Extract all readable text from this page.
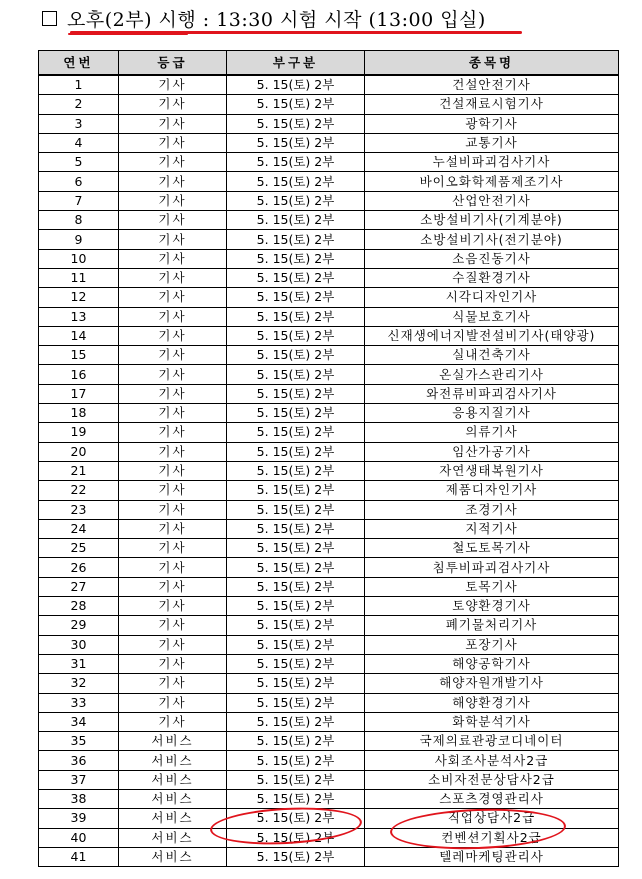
오후(2부) 시행 : 13:30 시험 시작 (13:00 입실)
연번	등급	부구분	종목명
1	기사	5. 15(토) 2부	건설안전기사
2	기사	5. 15(토) 2부	건설재료시험기사
3	기사	5. 15(토) 2부	광학기사
4	기사	5. 15(토) 2부	교통기사
5	기사	5. 15(토) 2부	누설비파괴검사기사
6	기사	5. 15(토) 2부	바이오화학제품제조기사
7	기사	5. 15(토) 2부	산업안전기사
8	기사	5. 15(토) 2부	소방설비기사(기계분야)
9	기사	5. 15(토) 2부	소방설비기사(전기분야)
10	기사	5. 15(토) 2부	소음진동기사
11	기사	5. 15(토) 2부	수질환경기사
12	기사	5. 15(토) 2부	시각디자인기사
13	기사	5. 15(토) 2부	식물보호기사
14	기사	5. 15(토) 2부	신재생에너지발전설비기사(태양광)
15	기사	5. 15(토) 2부	실내건축기사
16	기사	5. 15(토) 2부	온실가스관리기사
17	기사	5. 15(토) 2부	와전류비파괴검사기사
18	기사	5. 15(토) 2부	응용지질기사
19	기사	5. 15(토) 2부	의류기사
20	기사	5. 15(토) 2부	임산가공기사
21	기사	5. 15(토) 2부	자연생태복원기사
22	기사	5. 15(토) 2부	제품디자인기사
23	기사	5. 15(토) 2부	조경기사
24	기사	5. 15(토) 2부	지적기사
25	기사	5. 15(토) 2부	철도토목기사
26	기사	5. 15(토) 2부	침투비파괴검사기사
27	기사	5. 15(토) 2부	토목기사
28	기사	5. 15(토) 2부	토양환경기사
29	기사	5. 15(토) 2부	폐기물처리기사
30	기사	5. 15(토) 2부	포장기사
31	기사	5. 15(토) 2부	해양공학기사
32	기사	5. 15(토) 2부	해양자원개발기사
33	기사	5. 15(토) 2부	해양환경기사
34	기사	5. 15(토) 2부	화학분석기사
35	서비스	5. 15(토) 2부	국제의료관광코디네이터
36	서비스	5. 15(토) 2부	사회조사분석사2급
37	서비스	5. 15(토) 2부	소비자전문상담사2급
38	서비스	5. 15(토) 2부	스포츠경영관리사
39	서비스	5. 15(토) 2부	직업상담사2급
40	서비스	5. 15(토) 2부	컨벤션기획사2급
41	서비스	5. 15(토) 2부	텔레마케팅관리사
